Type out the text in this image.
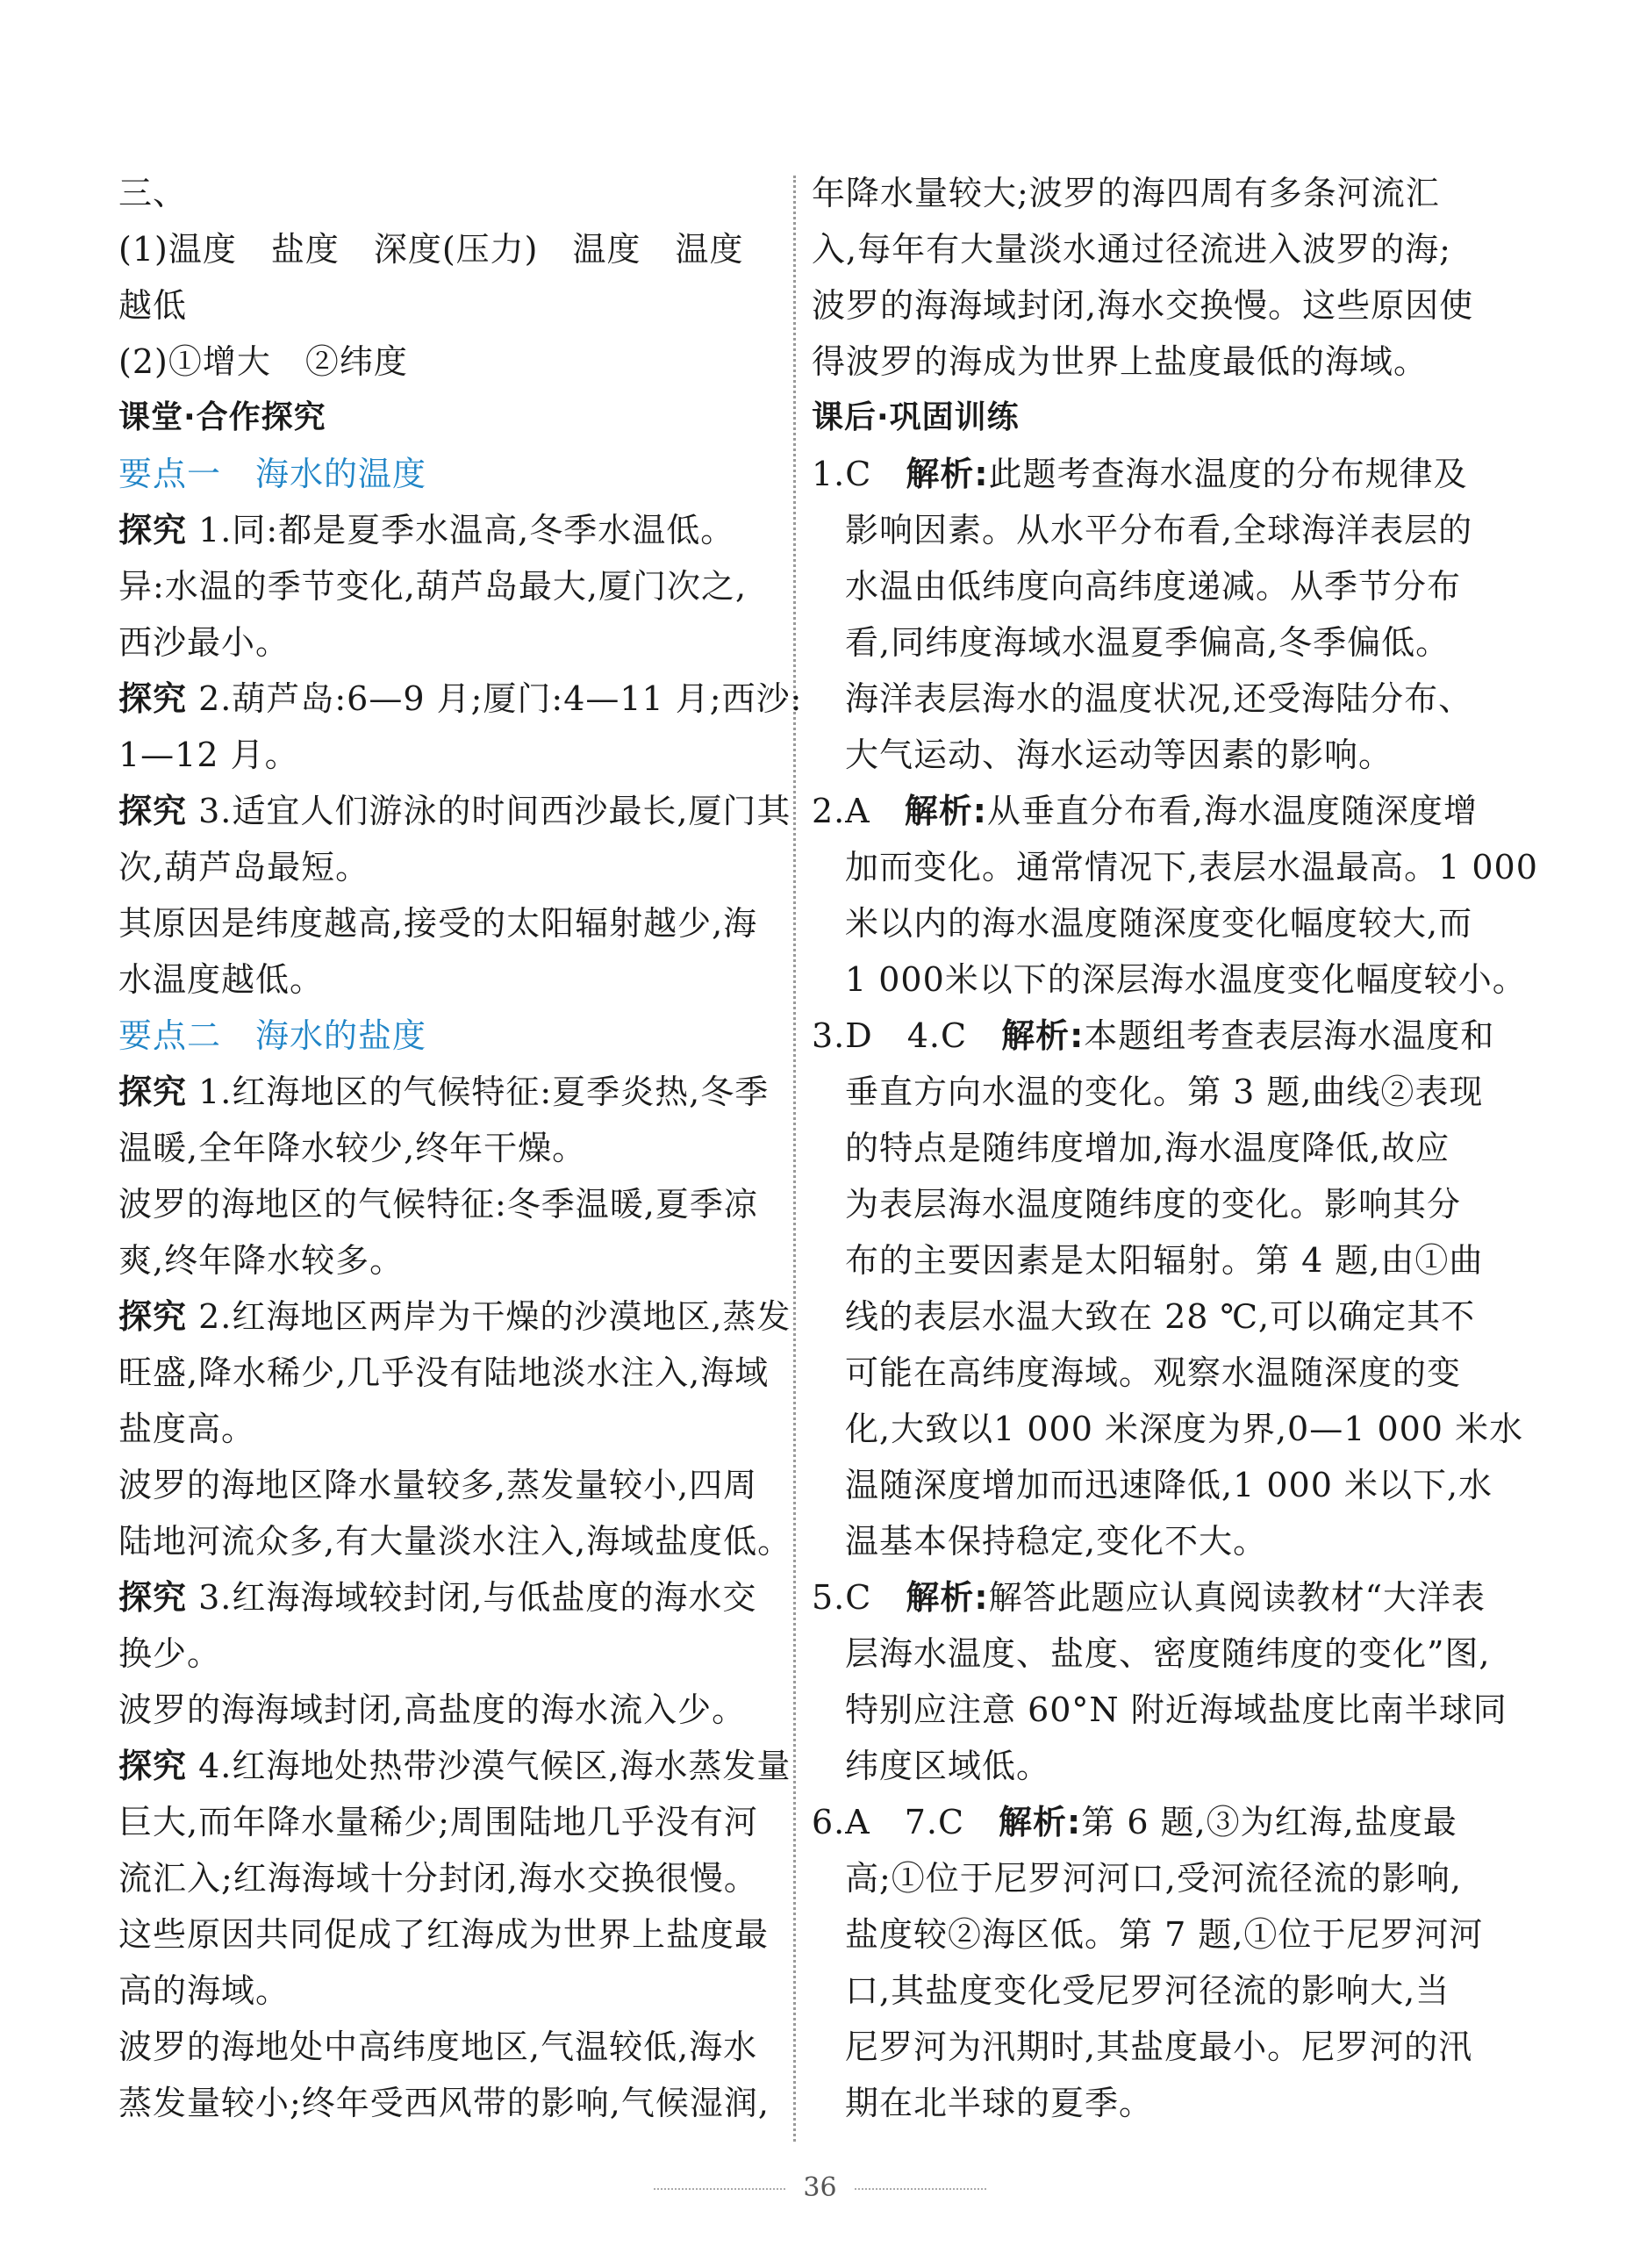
三、
(1)温度　盐度　深度(压力)　温度　温度
越低
(2)①增大　②纬度
课堂·合作探究
要点一　海水的温度
探究 1.同:都是夏季水温高,冬季水温低。
异:水温的季节变化,葫芦岛最大,厦门次之,
西沙最小。
探究 2.葫芦岛:6—9 月;厦门:4—11 月;西沙:
1—12 月。
探究 3.适宜人们游泳的时间西沙最长,厦门其
次,葫芦岛最短。
其原因是纬度越高,接受的太阳辐射越少,海
水温度越低。
要点二　海水的盐度
探究 1.红海地区的气候特征:夏季炎热,冬季
温暖,全年降水较少,终年干燥。
波罗的海地区的气候特征:冬季温暖,夏季凉
爽,终年降水较多。
探究 2.红海地区两岸为干燥的沙漠地区,蒸发
旺盛,降水稀少,几乎没有陆地淡水注入,海域
盐度高。
波罗的海地区降水量较多,蒸发量较小,四周
陆地河流众多,有大量淡水注入,海域盐度低。
探究 3.红海海域较封闭,与低盐度的海水交
换少。
波罗的海海域封闭,高盐度的海水流入少。
探究 4.红海地处热带沙漠气候区,海水蒸发量
巨大,而年降水量稀少;周围陆地几乎没有河
流汇入;红海海域十分封闭,海水交换很慢。
这些原因共同促成了红海成为世界上盐度最
高的海域。
波罗的海地处中高纬度地区,气温较低,海水
蒸发量较小;终年受西风带的影响,气候湿润,
年降水量较大;波罗的海四周有多条河流汇
入,每年有大量淡水通过径流进入波罗的海;
波罗的海海域封闭,海水交换慢。这些原因使
得波罗的海成为世界上盐度最低的海域。
课后·巩固训练
1.C　 解析:此题考查海水温度的分布规律及
影响因素。从水平分布看,全球海洋表层的
水温由低纬度向高纬度递减。从季节分布
看,同纬度海域水温夏季偏高,冬季偏低。
海洋表层海水的温度状况,还受海陆分布、
大气运动、海水运动等因素的影响。
2.A　 解析:从垂直分布看,海水温度随深度增
加而变化。通常情况下,表层水温最高。1 000
米以内的海水温度随深度变化幅度较大,而
1 000米以下的深层海水温度变化幅度较小。
3.D　4.C　 解析:本题组考查表层海水温度和
垂直方向水温的变化。第 3 题,曲线②表现
的特点是随纬度增加,海水温度降低,故应
为表层海水温度随纬度的变化。影响其分
布的主要因素是太阳辐射。第 4 题,由①曲
线的表层水温大致在 28 ℃,可以确定其不
可能在高纬度海域。观察水温随深度的变
化,大致以1 000 米深度为界,0—1 000 米水
温随深度增加而迅速降低,1 000 米以下,水
温基本保持稳定,变化不大。
5.C　 解析:解答此题应认真阅读教材“大洋表
层海水温度、盐度、密度随纬度的变化”图,
特别应注意 60°N 附近海域盐度比南半球同
纬度区域低。
6.A　7.C　 解析:第 6 题,③为红海,盐度最
高;①位于尼罗河河口,受河流径流的影响,
盐度较②海区低。第 7 题,①位于尼罗河河
口,其盐度变化受尼罗河径流的影响大,当
尼罗河为汛期时,其盐度最小。尼罗河的汛
期在北半球的夏季。
36
